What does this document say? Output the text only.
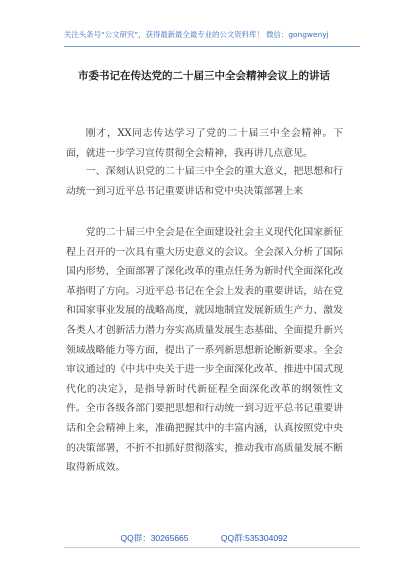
关注头条号“公文研究”，获得最新最全最专业的公文资料库！ 微信：gongwenyj
市委书记在传达党的二十届三中全会精神会议上的讲话
刚才，XX同志传达学习了党的二十届三中全会精神。下面，就进一步学习宣传贯彻全会精神，我再讲几点意见。
一、深刻认识党的二十届三中全会的重大意义，把思想和行动统一到习近平总书记重要讲话和党中央决策部署上来
党的二十届三中全会是在全面建设社会主义现代化国家新征程上召开的一次具有重大历史意义的会议。全会深入分析了国际国内形势，全面部署了深化改革的重点任务为新时代全面深化改革指明了方向。习近平总书记在全会上发表的重要讲话，站在党和国家事业发展的战略高度，就因地制宜发展新质生产力、激发各类人才创新活力潜力夯实高质量发展生态基础、全面提升新兴领域战略能力等方面，提出了一系列新思想新论断新要求。全会审议通过的《中共中央关于进一步全面深化改革、推进中国式现代化的决定》，是指导新时代新征程全面深化改革的纲领性文件。全市各级各部门要把思想和行动统一到习近平总书记重要讲话和全会精神上来，准确把握其中的丰富内涵，认真按照党中央的决策部署，不折不扣抓好贯彻落实，推动我市高质量发展不断取得新成效。
QQ群：30265665	QQ群:535304092
